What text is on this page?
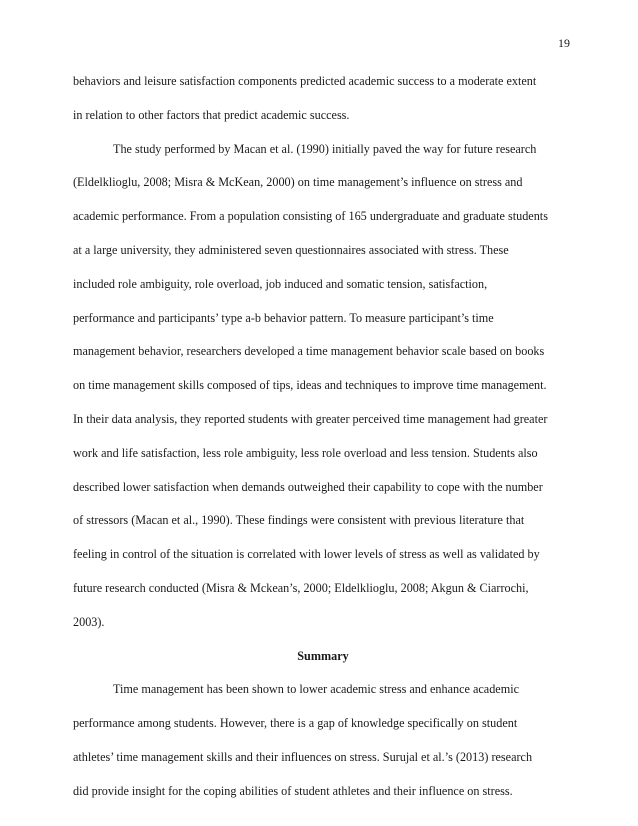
19
behaviors and leisure satisfaction components predicted academic success to a moderate extent
in relation to other factors that predict academic success.
The study performed by Macan et al. (1990) initially paved the way for future research
(Eldelklioglu, 2008; Misra & McKean, 2000) on time management’s influence on stress and
academic performance. From a population consisting of 165 undergraduate and graduate students
at a large university, they administered seven questionnaires associated with stress. These
included role ambiguity, role overload, job induced and somatic tension, satisfaction,
performance and participants’ type a-b behavior pattern. To measure participant’s time
management behavior, researchers developed a time management behavior scale based on books
on time management skills composed of tips, ideas and techniques to improve time management.
In their data analysis, they reported students with greater perceived time management had greater
work and life satisfaction, less role ambiguity, less role overload and less tension. Students also
described lower satisfaction when demands outweighed their capability to cope with the number
of stressors (Macan et al., 1990). These findings were consistent with previous literature that
feeling in control of the situation is correlated with lower levels of stress as well as validated by
future research conducted (Misra & Mckean’s, 2000; Eldelklioglu, 2008; Akgun & Ciarrochi,
2003).
Summary
Time management has been shown to lower academic stress and enhance academic
performance among students. However, there is a gap of knowledge specifically on student
athletes’ time management skills and their influences on stress. Surujal et al.’s (2013) research
did provide insight for the coping abilities of student athletes and their influence on stress.
